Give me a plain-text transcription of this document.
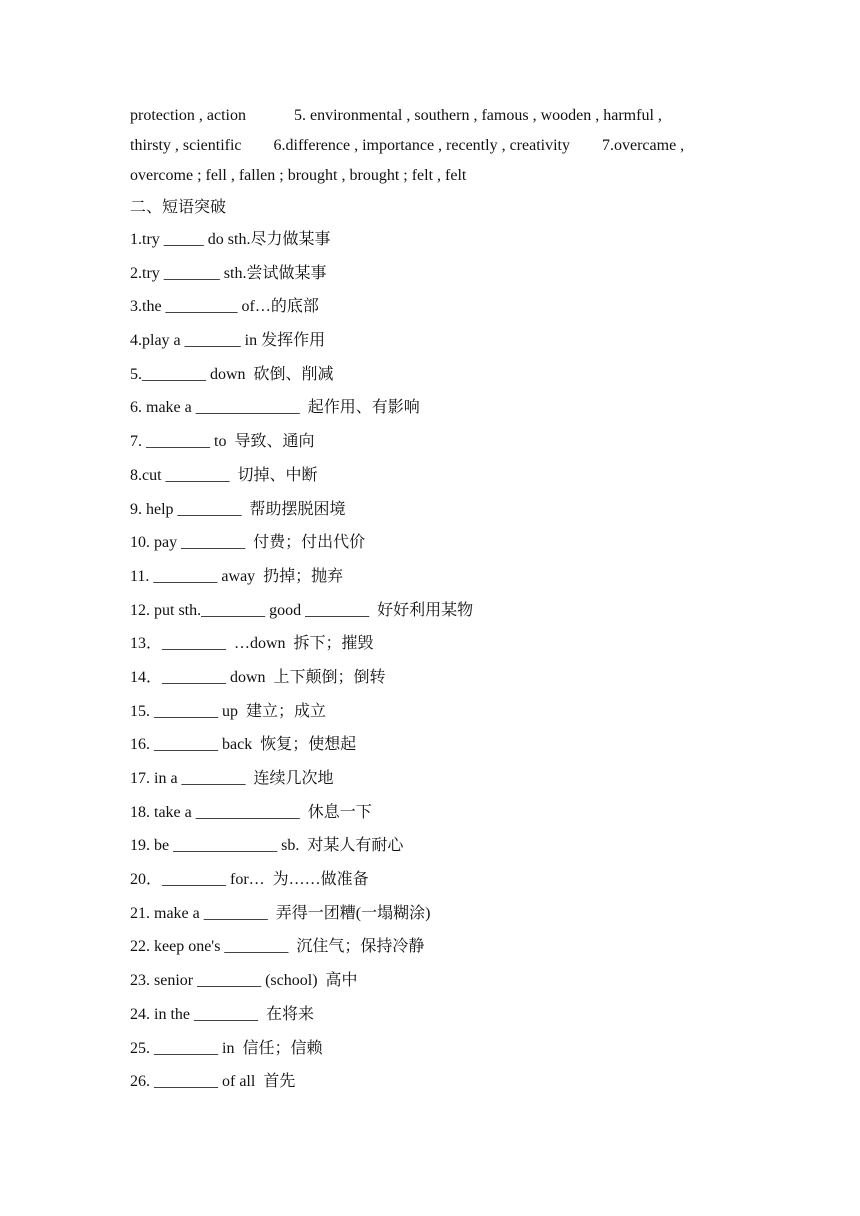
protection , action            5. environmental , southern , famous , wooden , harmful ,

thirsty , scientific        6.difference , importance , recently , creativity        7.overcame ,

overcome ; fell , fallen ; brought , brought ; felt , felt

二、短语突破

1.try _____ do sth.尽力做某事

2.try _______ sth.尝试做某事

3.the _________ of…的底部

4.play a _______ in 发挥作用

5.________ down  砍倒、削减

6. make a _____________  起作用、有影响

7. ________ to  导致、通向

8.cut ________  切掉、中断

9. help ________  帮助摆脱困境

10. pay ________  付费；付出代价

11. ________ away  扔掉；抛弃

12. put sth.________ good ________  好好利用某物

13．________  …down  拆下；摧毁

14．________ down  上下颠倒；倒转

15. ________ up  建立；成立

16. ________ back  恢复；使想起

17. in a ________  连续几次地

18. take a _____________  休息一下

19. be _____________ sb.  对某人有耐心

20．________ for…  为……做准备

21. make a ________  弄得一团糟(一塌糊涂)

22. keep one's ________  沉住气；保持冷静

23. senior ________ (school)  高中

24. in the ________  在将来

25. ________ in  信任；信赖

26. ________ of all  首先
